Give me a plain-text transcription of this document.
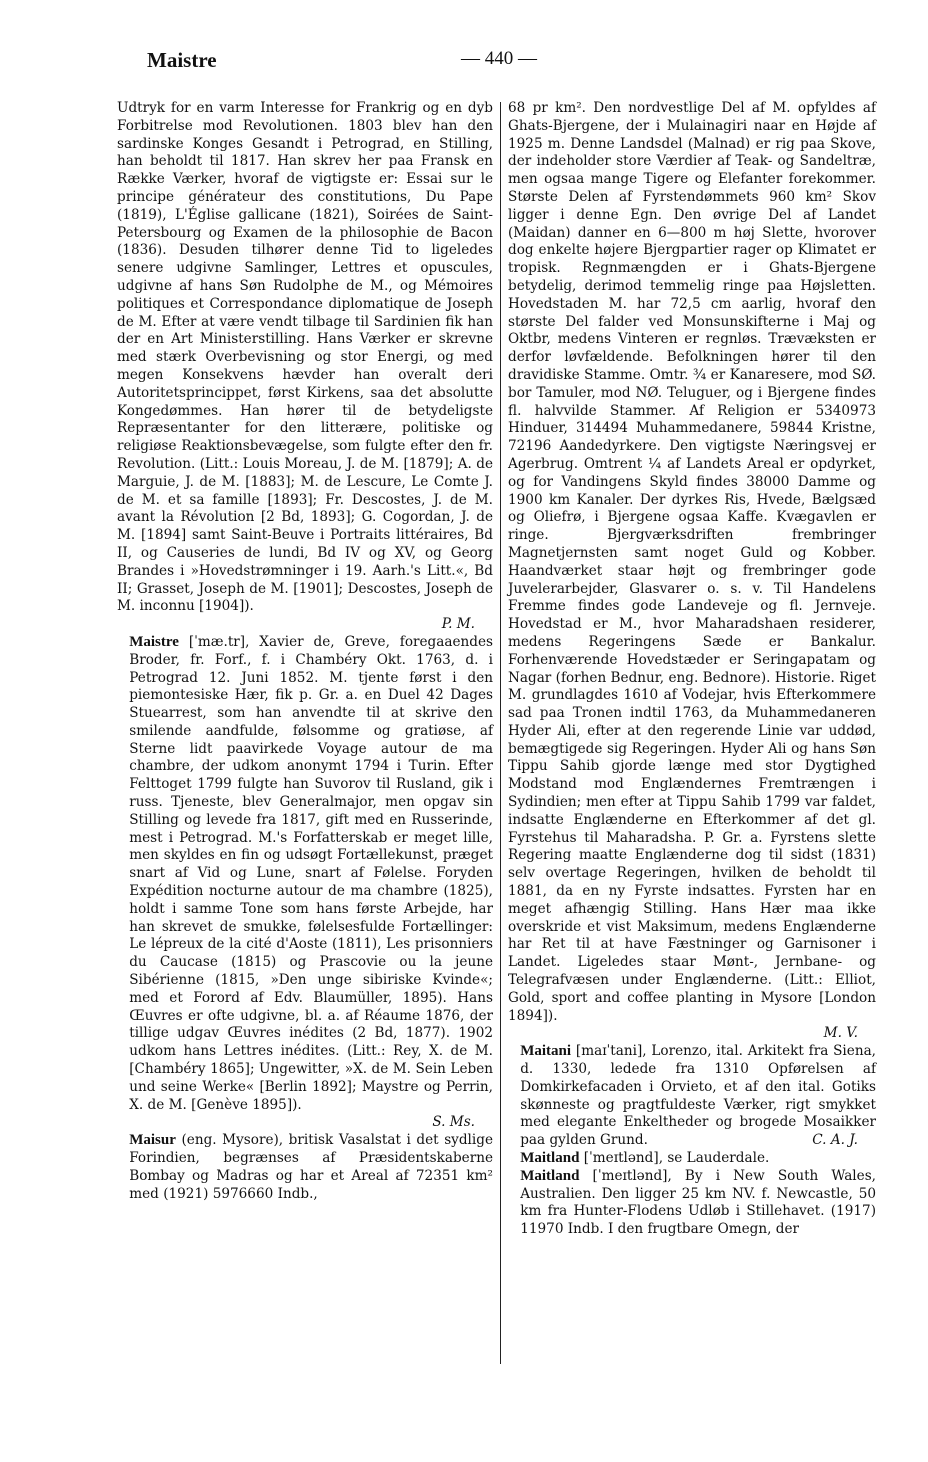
Maistre	— 440 —

Udtryk for en varm Interesse for Frankrig og en dyb Forbitrelse mod Revolutionen. 1803 blev han den sardinske Konges Gesandt i Petrograd, en Stilling, han beholdt til 1817. Han skrev her paa Fransk en Række Værker, hvoraf de vigtigste er: Essai sur le principe générateur des constitutions, Du Pape (1819), L'Église gallicane (1821), Soirées de Saint-Petersbourg og Examen de la philosophie de Bacon (1836). Desuden tilhører denne Tid to ligeledes senere udgivne Samlinger, Lettres et opuscules, udgivne af hans Søn Rudolphe de M., og Mémoires politiques et Correspondance diplomatique de Joseph de M. Efter at være vendt tilbage til Sardinien fik han der en Art Ministerstilling. Hans Værker er skrevne med stærk Overbevisning og stor Energi, og med megen Konsekvens hævder han overalt deri Autoritetsprincippet, først Kirkens, saa det absolutte Kongedømmes. Han hører til de betydeligste Repræsentanter for den litterære, politiske og religiøse Reaktionsbevægelse, som fulgte efter den fr. Revolution. (Litt.: Louis Moreau, J. de M. [1879]; A. de Marguie, J. de M. [1883]; M. de Lescure, Le Comte J. de M. et sa famille [1893]; Fr. Descostes, J. de M. avant la Révolution [2 Bd, 1893]; G. Cogordan, J. de M. [1894] samt Saint-Beuve i Portraits littéraires, Bd II, og Causeries de lundi, Bd IV og XV, og Georg Brandes i »Hovedstrømninger i 19. Aarh.'s Litt.«, Bd II; Grasset, Joseph de M. [1901]; Descostes, Joseph de M. inconnu [1904]).

P. M.

Maistre [ˈmæ.tr], Xavier de, Greve, foregaaendes Broder, fr. Forf., f. i Chambéry Okt. 1763, d. i Petrograd 12. Juni 1852. M. tjente først i den piemontesiske Hær, fik p. Gr. a. en Duel 42 Dages Stuearrest, som han anvendte til at skrive den smilende aandfulde, følsomme og gratiøse, af Sterne lidt paavirkede Voyage autour de ma chambre, der udkom anonymt 1794 i Turin. Efter Felttoget 1799 fulgte han Suvorov til Rusland, gik i russ. Tjeneste, blev Generalmajor, men opgav sin Stilling og levede fra 1817, gift med en Russerinde, mest i Petrograd. M.'s Forfatterskab er meget lille, men skyldes en fin og udsøgt Fortællekunst, præget snart af Vid og Lune, snart af Følelse. Forуden Expédition nocturne autour de ma chambre (1825), holdt i samme Tone som hans første Arbejde, har han skrevet de smukke, følelsesfulde Fortællinger: Le lépreux de la cité d'Aoste (1811), Les prisonniers du Caucase (1815) og Prascovie ou la jeune Sibérienne (1815, »Den unge sibiriske Kvinde«; med et Forord af Edv. Blaumüller, 1895). Hans Œuvres er ofte udgivne, bl. a. af Réaume 1876, der tillige udgav Œuvres inédites (2 Bd, 1877). 1902 udkom hans Lettres inédites. (Litt.: Rey, X. de M. [Chambéry 1865]; Ungewitter, »X. de M. Sein Leben und seine Werke« [Berlin 1892]; Maystre og Perrin, X. de M. [Genève 1895]).

S. Ms.

Maisur (eng. Mysore), britisk Vasalstat i det sydlige Forindien, begrænses af Præsidentskaberne Bombay og Madras og har et Areal af 72351 km² med (1921) 5976660 Indb.,

68 pr km². Den nordvestlige Del af M. opfyldes af Ghats-Bjergene, der i Mulainagiri naar en Højde af 1925 m. Denne Landsdel (Malnad) er rig paa Skove, der indeholder store Værdier af Teak- og Sandeltræ, men ogsaa mange Tigere og Elefanter forekommer. Største Delen af Fyrstendømmets 960 km² Skov ligger i denne Egn. Den øvrige Del af Landet (Maidan) danner en 6—800 m høj Slette, hvorover dog enkelte højere Bjergpartier rager op Klimatet er tropisk. Regnmængden er i Ghats-Bjergene betydelig, derimod temmelig ringe paa Højsletten. Hovedstaden M. har 72,5 cm aarlig, hvoraf den største Del falder ved Monsunskifterne i Maj og Oktbr, medens Vinteren er regnløs. Trævæksten er derfor løvfældende. Befolkningen hører til den dravidiske Stamme. Omtr. ¾ er Kanaresere, mod SØ. bor Tamuler, mod NØ. Teluguer, og i Bjergene findes fl. halvvilde Stammer. Af Religion er 5340973 Hinduer, 314494 Muhammedanere, 59844 Kristne, 72196 Aandedyrkere. Den vigtigste Næringsvej er Agerbrug. Omtrent ¼ af Landets Areal er opdyrket, og for Vandingens Skyld findes 38000 Damme og 1900 km Kanaler. Der dyrkes Ris, Hvede, Bælgsæd og Oliefrø, i Bjergene ogsaa Kaffe. Kvægavlen er ringe. Bjergværksdriften frembringer Magnetjernsten samt noget Guld og Kobber. Haandværket staar højt og frembringer gode Juvelerarbejder, Glasvarer o. s. v. Til Handelens Fremme findes gode Landeveje og fl. Jernveje. Hovedstad er M., hvor Maharadshaen residerer, medens Regeringens Sæde er Bankalur. Forhenværende Hovedstæder er Seringapatam og Nagar (forhen Bednur, eng. Bednore). Historie. Riget M. grundlagdes 1610 af Vodejar, hvis Efterkommere sad paa Tronen indtil 1763, da Muhammedaneren Hyder Ali, efter at den regerende Linie var uddød, bemægtigede sig Regeringen. Hyder Ali og hans Søn Tippu Sahib gjorde længe med stor Dygtighed Modstand mod Englændernes Fremtrængen i Sydindien; men efter at Tippu Sahib 1799 var faldet, indsatte Englænderne en Efterkommer af det gl. Fyrstehus til Maharadsha. P. Gr. a. Fyrstens slette Regering maatte Englænderne dog til sidst (1831) selv overtage Regeringen, hvilken de beholdt til 1881, da en ny Fyrste indsattes. Fyrsten har en meget afhængig Stilling. Hans Hær maa ikke overskride et vist Maksimum, medens Englænderne har Ret til at have Fæstninger og Garnisoner i Landet. Ligeledes staar Mønt-, Jernbane- og Telegrafvæsen under Englænderne. (Litt.: Elliot, Gold, sport and coffee planting in Mysore [London 1894]).

M. V.

Maitani [maɪˈtani], Lorenzo, ital. Arkitekt fra Siena, d. 1330, ledede fra 1310 Opførelsen af Domkirkefacaden i Orvieto, et af den ital. Gotiks skønneste og pragtfuldeste Værker, rigt smykket med elegante Enkeltheder og brogede Mosaikker paa gylden Grund.	C. A. J.

Maitland [ˈmeɪtlǝnd], se Lauderdale.

Maitland [ˈmeɪtlǝnd], By i New South Wales, Australien. Den ligger 25 km NV. f. Newcastle, 50 km fra Hunter-Flodens Udløb i Stillehavet. (1917) 11970 Indb. I den frugtbare Omegn, der
